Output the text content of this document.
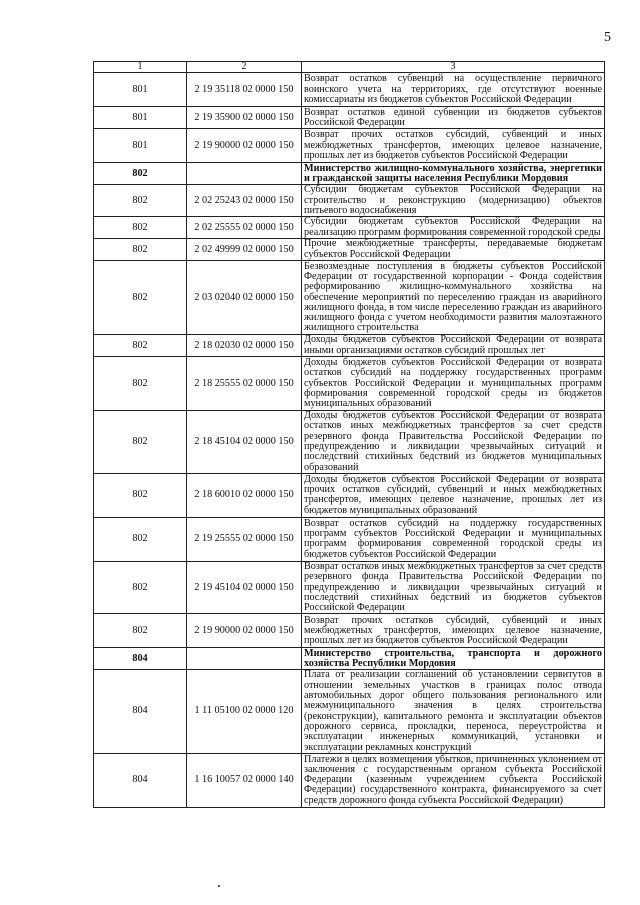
5
1	2	3
801	2 19 35118 02 0000 150	Возврат остатков субвенций на осуществление первичного воинского учета на территориях, где отсутствуют военные комиссариаты из бюджетов субъектов Российской Федерации
801	2 19 35900 02 0000 150	Возврат остатков единой субвенции из бюджетов субъектов Российской Федерации
801	2 19 90000 02 0000 150	Возврат прочих остатков субсидий, субвенций и иных межбюджетных трансфертов, имеющих целевое назначение, прошлых лет из бюджетов субъектов Российской Федерации
802		Министерство жилищно-коммунального хозяйства, энергетики и гражданской защиты населения Республики Мордовия
802	2 02 25243 02 0000 150	Субсидии бюджетам субъектов Российской Федерации на строительство и реконструкцию (модернизацию) объектов питьевого водоснабжения
802	2 02 25555 02 0000 150	Субсидии бюджетам субъектов Российской Федерации на реализацию программ формирования современной городской среды
802	2 02 49999 02 0000 150	Прочие межбюджетные трансферты, передаваемые бюджетам субъектов Российской Федерации
802	2 03 02040 02 0000 150	Безвозмездные поступления в бюджеты субъектов Российской Федерации от государственной корпорации - Фонда содействия реформированию жилищно-коммунального хозяйства на обеспечение мероприятий по переселению граждан из аварийного жилищного фонда, в том числе переселению граждан из аварийного жилищного фонда с учетом необходимости развития малоэтажного жилищного строительства
802	2 18 02030 02 0000 150	Доходы бюджетов субъектов Российской Федерации от возврата иными организациями остатков субсидий прошлых лет
802	2 18 25555 02 0000 150	Доходы бюджетов субъектов Российской Федерации от возврата остатков субсидий на поддержку государственных программ субъектов Российской Федерации и муниципальных программ формирования современной городской среды из бюджетов муниципальных образований
802	2 18 45104 02 0000 150	Доходы бюджетов субъектов Российской Федерации от возврата остатков иных межбюджетных трансфертов за счет средств резервного фонда Правительства Российской Федерации по предупреждению и ликвидации чрезвычайных ситуаций и последствий стихийных бедствий из бюджетов муниципальных образований
802	2 18 60010 02 0000 150	Доходы бюджетов субъектов Российской Федерации от возврата прочих остатков субсидий, субвенций и иных межбюджетных трансфертов, имеющих целевое назначение, прошлых лет из бюджетов муниципальных образований
802	2 19 25555 02 0000 150	Возврат остатков субсидий на поддержку государственных программ субъектов Российской Федерации и муниципальных программ формирования современной городской среды из бюджетов субъектов Российской Федерации
802	2 19 45104 02 0000 150	Возврат остатков иных межбюджетных трансфертов за счет средств резервного фонда Правительства Российской Федерации по предупреждению и ликвидации чрезвычайных ситуаций и последствий стихийных бедствий из бюджетов субъектов Российской Федерации
802	2 19 90000 02 0000 150	Возврат прочих остатков субсидий, субвенций и иных межбюджетных трансфертов, имеющих целевое назначение, прошлых лет из бюджетов субъектов Российской Федерации
804		Министерство строительства, транспорта и дорожного хозяйства Республики Мордовия
804	1 11 05100 02 0000 120	Плата от реализации соглашений об установлении сервитутов в отношении земельных участков в границах полос отвода автомобильных дорог общего пользования регионального или межмуниципального значения в целях строительства (реконструкции), капитального ремонта и эксплуатации объектов дорожного сервиса, прокладки, переноса, переустройства и эксплуатации инженерных коммуникаций, установки и эксплуатации рекламных конструкций
804	1 16 10057 02 0000 140	Платежи в целях возмещения убытков, причиненных уклонением от заключения с государственным органом субъекта Российской Федерации (казенным учреждением субъекта Российской Федерации) государственного контракта, финансируемого за счет средств дорожного фонда субъекта Российской Федерации)
